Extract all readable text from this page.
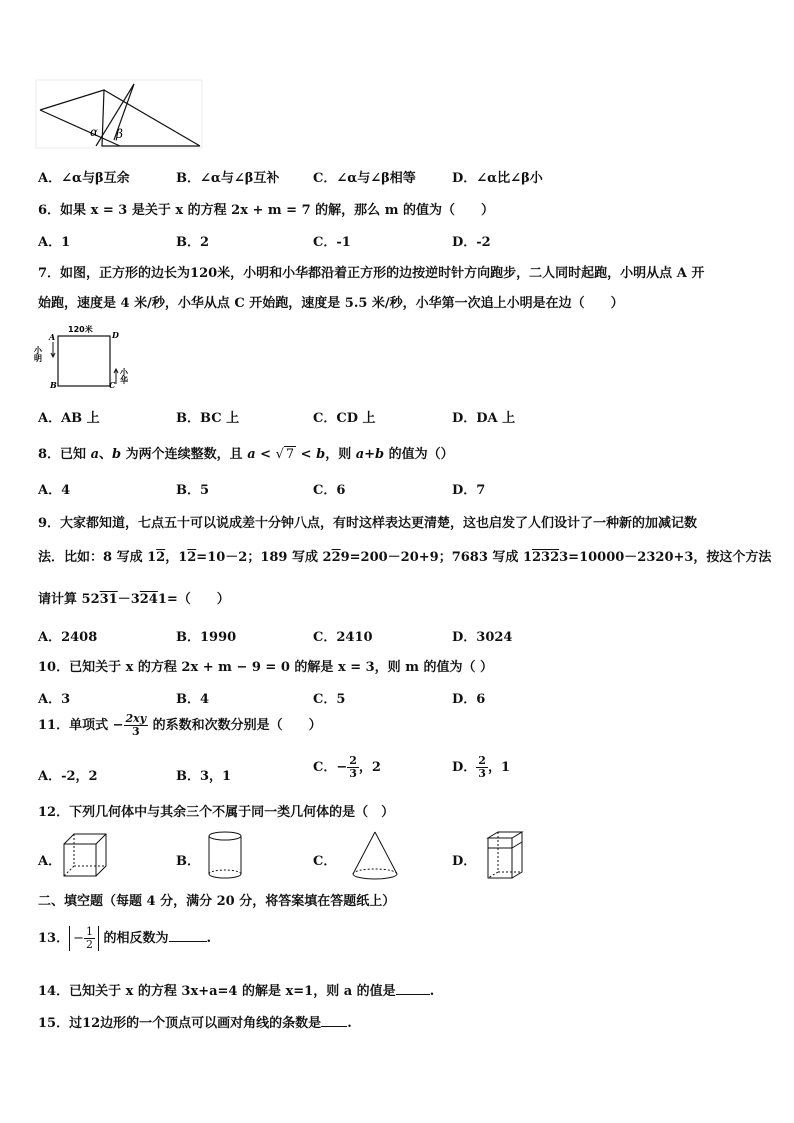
α β
A．∠α与β互余	B．∠α与∠β互补	C．∠α与∠β相等	D．∠α比∠β小
6．如果 x = 3 是关于 x 的方程 2x + m = 7 的解，那么 m 的值为（　　）
A．1	B．2	C．-1	D．-2
7．如图，正方形的边长为120米，小明和小华都沿着正方形的边按逆时针方向跑步，二人同时起跑，小明从点 A 开
始跑，速度是 4 米/秒，小华从点 C 开始跑，速度是 5.5 米/秒，小华第一次追上小明是在边（　　）
120米
A	D
B	C
小明
小华
A．AB 上	B．BC 上	C．CD 上	D．DA 上
8．已知 a、b 为两个连续整数，且 a < √ 7 < b，则 a+b 的值为（）
A．4	B．5	C．6	D．7
9．大家都知道，七点五十可以说成差十分钟八点，有时这样表达更清楚，这也启发了人们设计了一种新的加减记数
法．比如：8 写成 12，12=10－2；189 写成 229=200－20+9；7683 写成 12323=10000－2320+3，按这个方法
请计算 5231－3241=（　　）
A．2408	B．1990	C．2410	D．3024
10．已知关于 x 的方程 2x + m − 9 = 0 的解是 x = 3，则 m 的值为（ ）
A．3	B．4	C．5	D．6
11．单项式 − $\frac{2xy}{3}$ 的系数和次数分别是（　　）
A．-2，2	B．3，1
C．− $\frac{2}{3}$ ，2	D． $\frac{2}{3}$ ，1
12．下列几何体中与其余三个不属于同一类几何体的是（　）
A．	B．	C．	D．
二、填空题（每题 4 分，满分 20 分，将答案填在答题纸上）
13． − $\frac{1}{2}$ 的相反数为	.
14．已知关于 x 的方程 3x+a=4 的解是 x=1，则 a 的值是	.
15．过12边形的一个顶点可以画对角线的条数是 .
